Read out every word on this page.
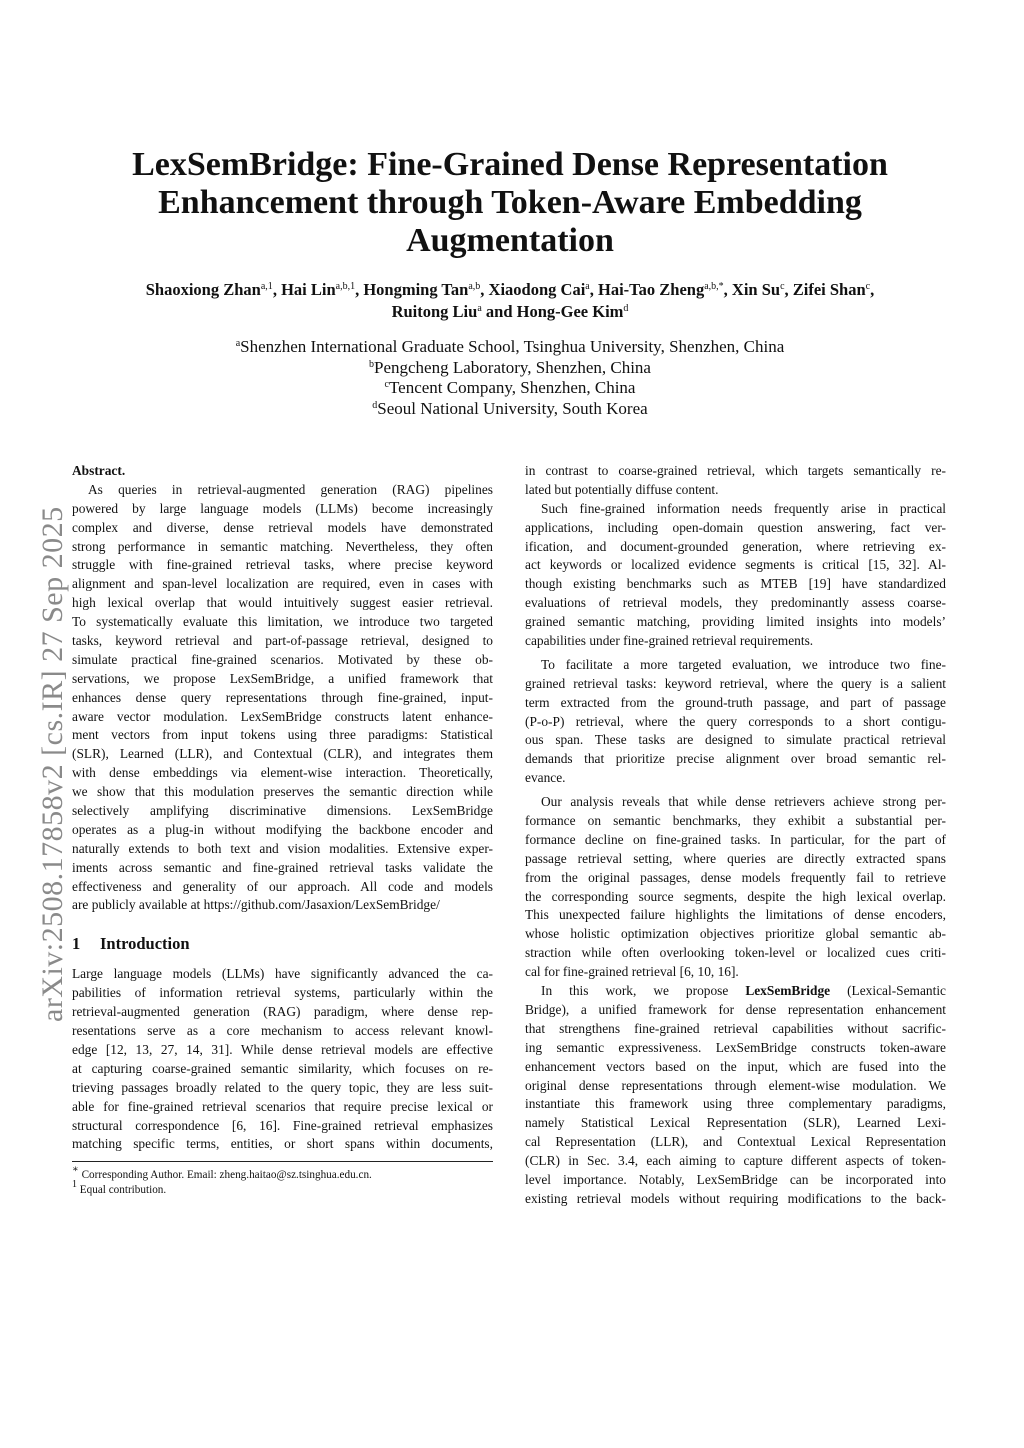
arXiv:2508.17858v2 [cs.IR] 27 Sep 2025
LexSemBridge: Fine-Grained Dense Representation
Enhancement through Token-Aware Embedding
Augmentation
Shaoxiong Zhan$^{a,1}$, Hai Lin$^{a,b,1}$, Hongming Tan$^{a,b}$, Xiaodong Cai$^a$, Hai-Tao Zheng$^{a,b,*}$, Xin Su$^c$, Zifei Shan$^c$,
Ruitong Liu$^a$ and Hong-Gee Kim$^d$
$^a$Shenzhen International Graduate School, Tsinghua University, Shenzhen, China
$^b$Pengcheng Laboratory, Shenzhen, China
$^c$Tencent Company, Shenzhen, China
$^d$Seoul National University, South Korea
Abstract.
As queries in retrieval-augmented generation (RAG) pipelines
powered by large language models (LLMs) become increasingly
complex and diverse, dense retrieval models have demonstrated
strong performance in semantic matching. Nevertheless, they often
struggle with fine-grained retrieval tasks, where precise keyword
alignment and span-level localization are required, even in cases with
high lexical overlap that would intuitively suggest easier retrieval.
To systematically evaluate this limitation, we introduce two targeted
tasks, keyword retrieval and part-of-passage retrieval, designed to
simulate practical fine-grained scenarios. Motivated by these ob-
servations, we propose LexSemBridge, a unified framework that
enhances dense query representations through fine-grained, input-
aware vector modulation. LexSemBridge constructs latent enhance-
ment vectors from input tokens using three paradigms: Statistical
(SLR), Learned (LLR), and Contextual (CLR), and integrates them
with dense embeddings via element-wise interaction. Theoretically,
we show that this modulation preserves the semantic direction while
selectively amplifying discriminative dimensions. LexSemBridge
operates as a plug-in without modifying the backbone encoder and
naturally extends to both text and vision modalities. Extensive exper-
iments across semantic and fine-grained retrieval tasks validate the
effectiveness and generality of our approach. All code and models
are publicly available at https://github.com/Jasaxion/LexSemBridge/
1 Introduction
Large language models (LLMs) have significantly advanced the ca-
pabilities of information retrieval systems, particularly within the
retrieval-augmented generation (RAG) paradigm, where dense rep-
resentations serve as a core mechanism to access relevant knowl-
edge [12, 13, 27, 14, 31]. While dense retrieval models are effective
at capturing coarse-grained semantic similarity, which focuses on re-
trieving passages broadly related to the query topic, they are less suit-
able for fine-grained retrieval scenarios that require precise lexical or
structural correspondence [6, 16]. Fine-grained retrieval emphasizes
matching specific terms, entities, or short spans within documents,
∗ Corresponding Author. Email: zheng.haitao@sz.tsinghua.edu.cn.
$^1$ Equal contribution.
in contrast to coarse-grained retrieval, which targets semantically re-
lated but potentially diffuse content.
Such fine-grained information needs frequently arise in practical
applications, including open-domain question answering, fact ver-
ification, and document-grounded generation, where retrieving ex-
act keywords or localized evidence segments is critical [15, 32]. Al-
though existing benchmarks such as MTEB [19] have standardized
evaluations of retrieval models, they predominantly assess coarse-
grained semantic matching, providing limited insights into models’
capabilities under fine-grained retrieval requirements.
To facilitate a more targeted evaluation, we introduce two fine-
grained retrieval tasks: keyword retrieval, where the query is a salient
term extracted from the ground-truth passage, and part of passage
(P-o-P) retrieval, where the query corresponds to a short contigu-
ous span. These tasks are designed to simulate practical retrieval
demands that prioritize precise alignment over broad semantic rel-
evance.
Our analysis reveals that while dense retrievers achieve strong per-
formance on semantic benchmarks, they exhibit a substantial per-
formance decline on fine-grained tasks. In particular, for the part of
passage retrieval setting, where queries are directly extracted spans
from the original passages, dense models frequently fail to retrieve
the corresponding source segments, despite the high lexical overlap.
This unexpected failure highlights the limitations of dense encoders,
whose holistic optimization objectives prioritize global semantic ab-
straction while often overlooking token-level or localized cues criti-
cal for fine-grained retrieval [6, 10, 16].
In this work, we propose LexSemBridge (Lexical-Semantic
Bridge), a unified framework for dense representation enhancement
that strengthens fine-grained retrieval capabilities without sacrific-
ing semantic expressiveness. LexSemBridge constructs token-aware
enhancement vectors based on the input, which are fused into the
original dense representations through element-wise modulation. We
instantiate this framework using three complementary paradigms,
namely Statistical Lexical Representation (SLR), Learned Lexi-
cal Representation (LLR), and Contextual Lexical Representation
(CLR) in Sec. 3.4, each aiming to capture different aspects of token-
level importance. Notably, LexSemBridge can be incorporated into
existing retrieval models without requiring modifications to the back-
